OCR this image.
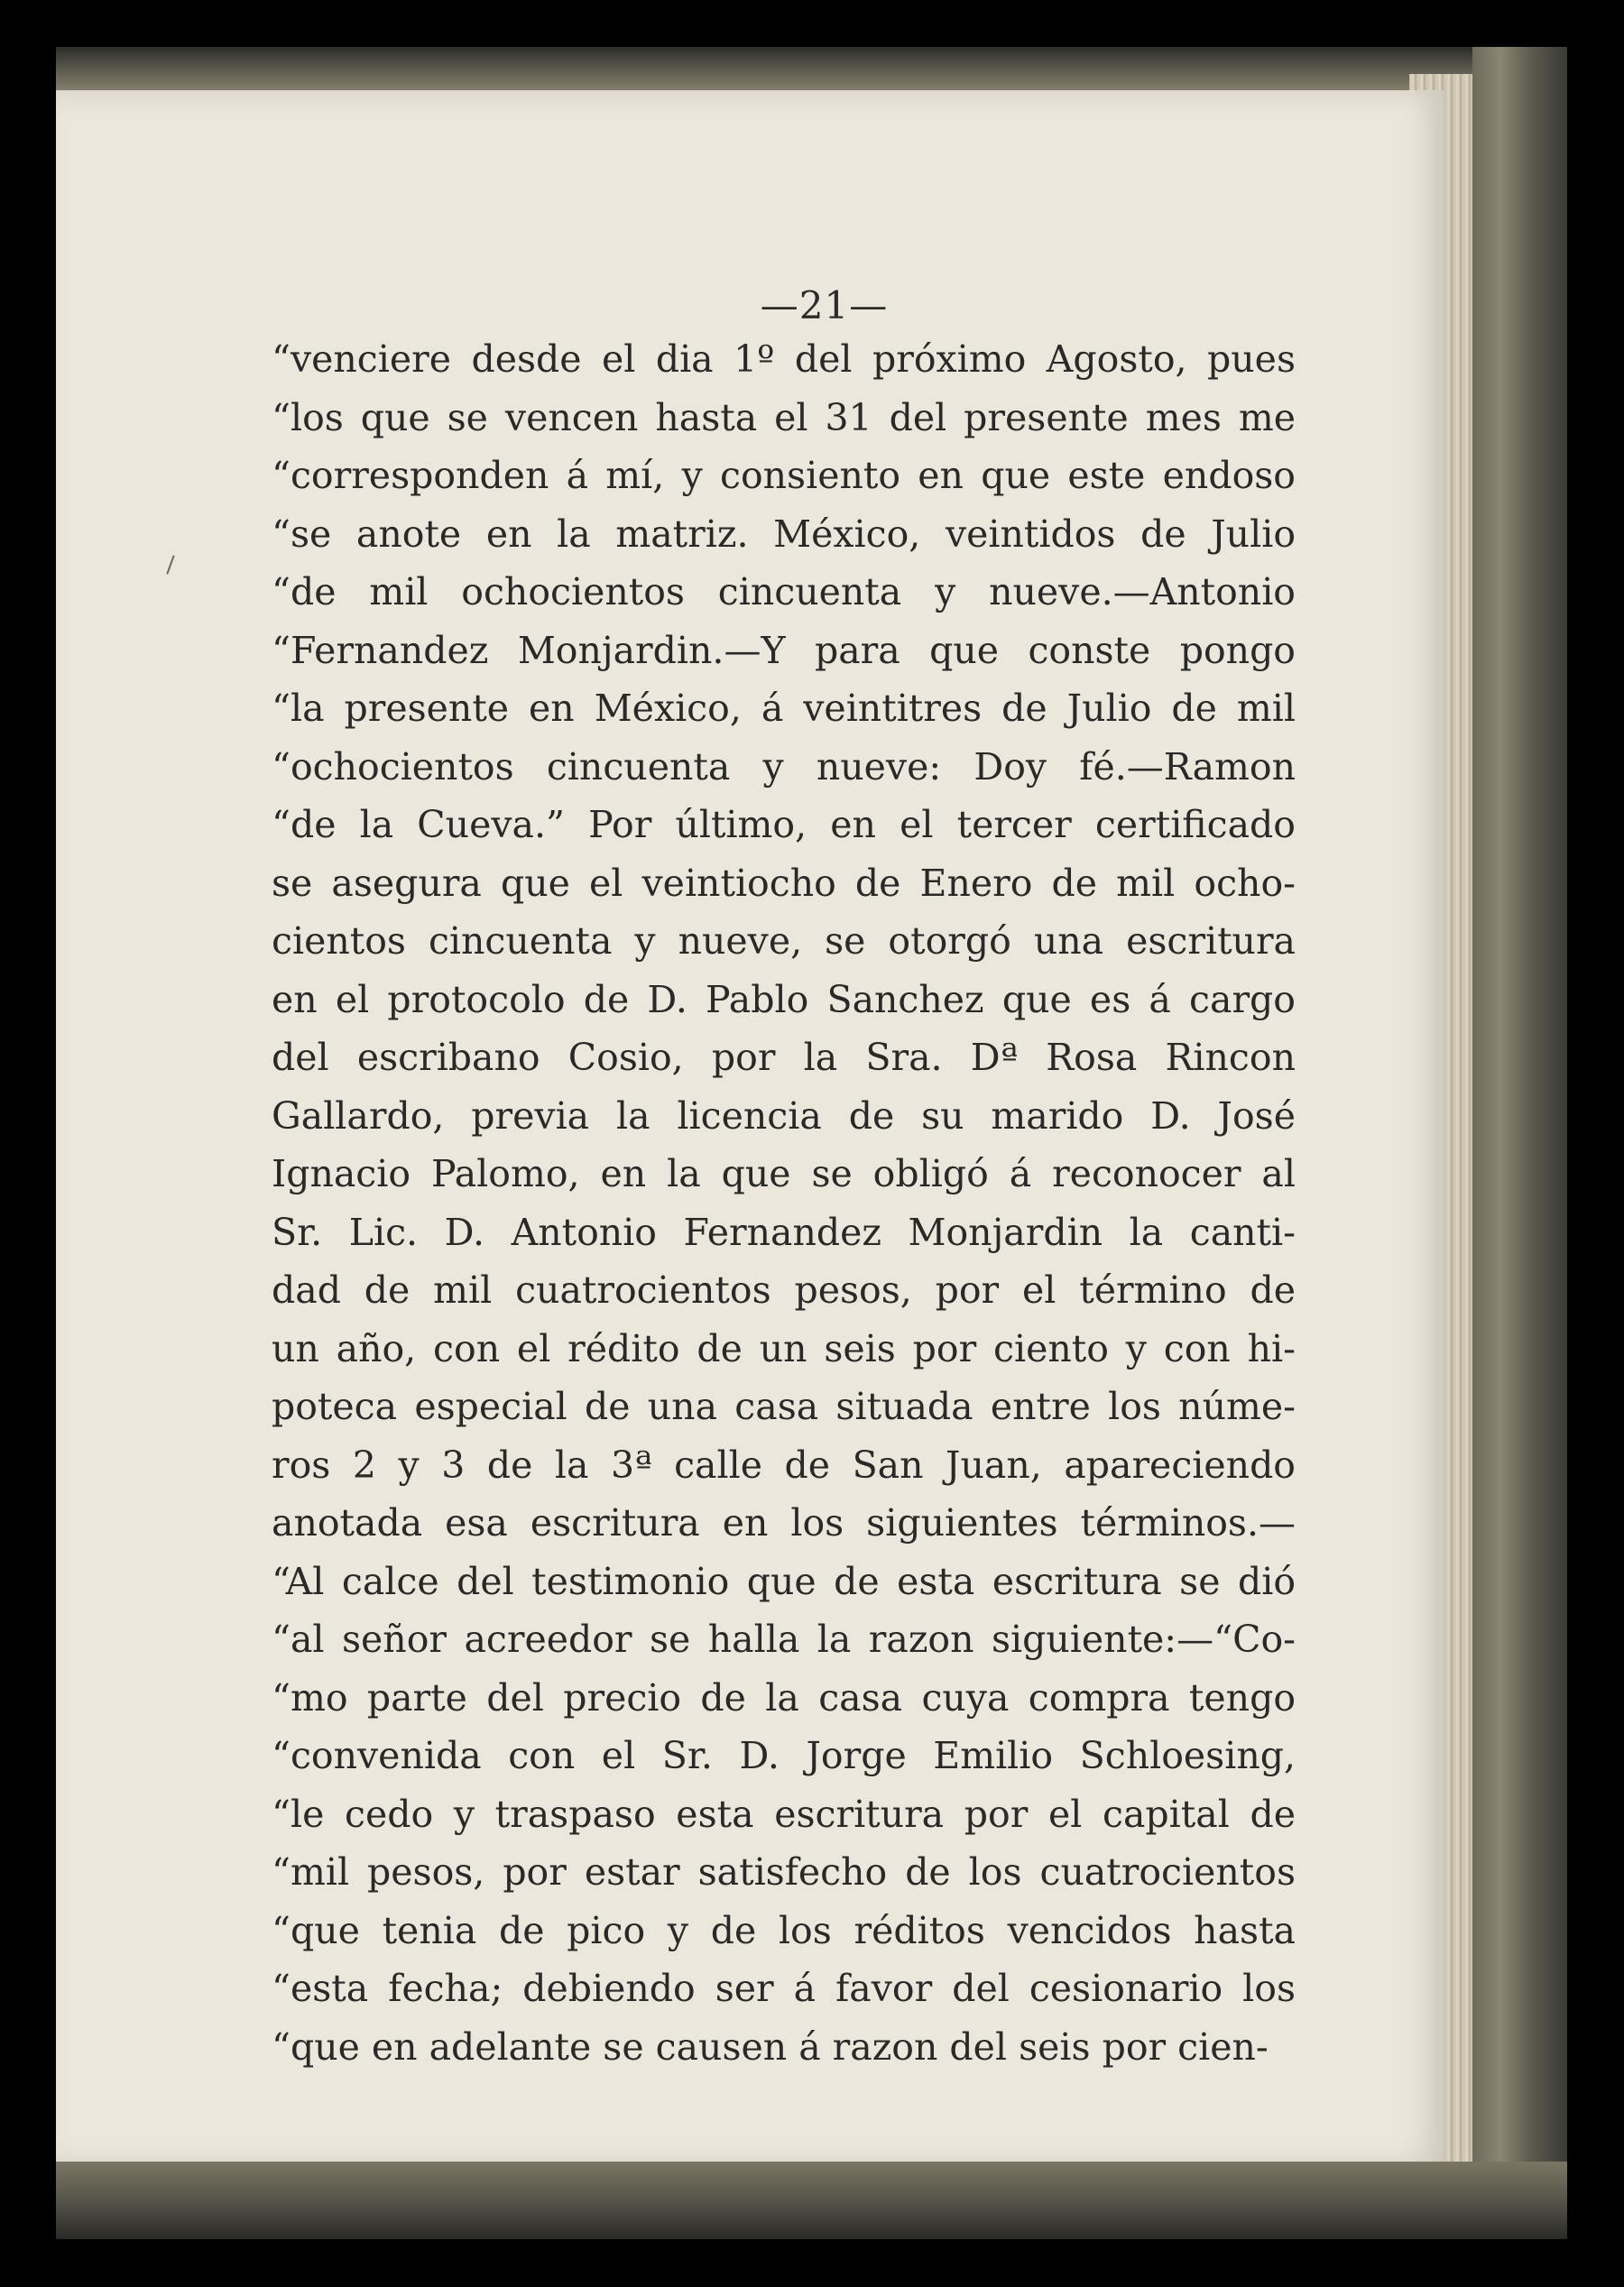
—21—
“venciere desde el dia 1º del próximo Agosto, pues
“los que se vencen hasta el 31 del presente mes me
“corresponden á mí, y consiento en que este endoso
“se anote en la matriz. México, veintidos de Julio
“de mil ochocientos cincuenta y nueve.—Antonio
“Fernandez Monjardin.—Y para que conste pongo
“la presente en México, á veintitres de Julio de mil
“ochocientos cincuenta y nueve: Doy fé.—Ramon
“de la Cueva.” Por último, en el tercer certificado
se asegura que el veintiocho de Enero de mil ocho-
cientos cincuenta y nueve, se otorgó una escritura
en el protocolo de D. Pablo Sanchez que es á cargo
del escribano Cosio, por la Sra. Dª Rosa Rincon
Gallardo, previa la licencia de su marido D. José
Ignacio Palomo, en la que se obligó á reconocer al
Sr. Lic. D. Antonio Fernandez Monjardin la canti-
dad de mil cuatrocientos pesos, por el término de
un año, con el rédito de un seis por ciento y con hi-
poteca especial de una casa situada entre los núme-
ros 2 y 3 de la 3ª calle de San Juan, apareciendo
anotada esa escritura en los siguientes términos.—
“Al calce del testimonio que de esta escritura se dió
“al señor acreedor se halla la razon siguiente:—“Co-
“mo parte del precio de la casa cuya compra tengo
“convenida con el Sr. D. Jorge Emilio Schloesing,
“le cedo y traspaso esta escritura por el capital de
“mil pesos, por estar satisfecho de los cuatrocientos
“que tenia de pico y de los réditos vencidos hasta
“esta fecha; debiendo ser á favor del cesionario los
“que en adelante se causen á razon del seis por cien-
